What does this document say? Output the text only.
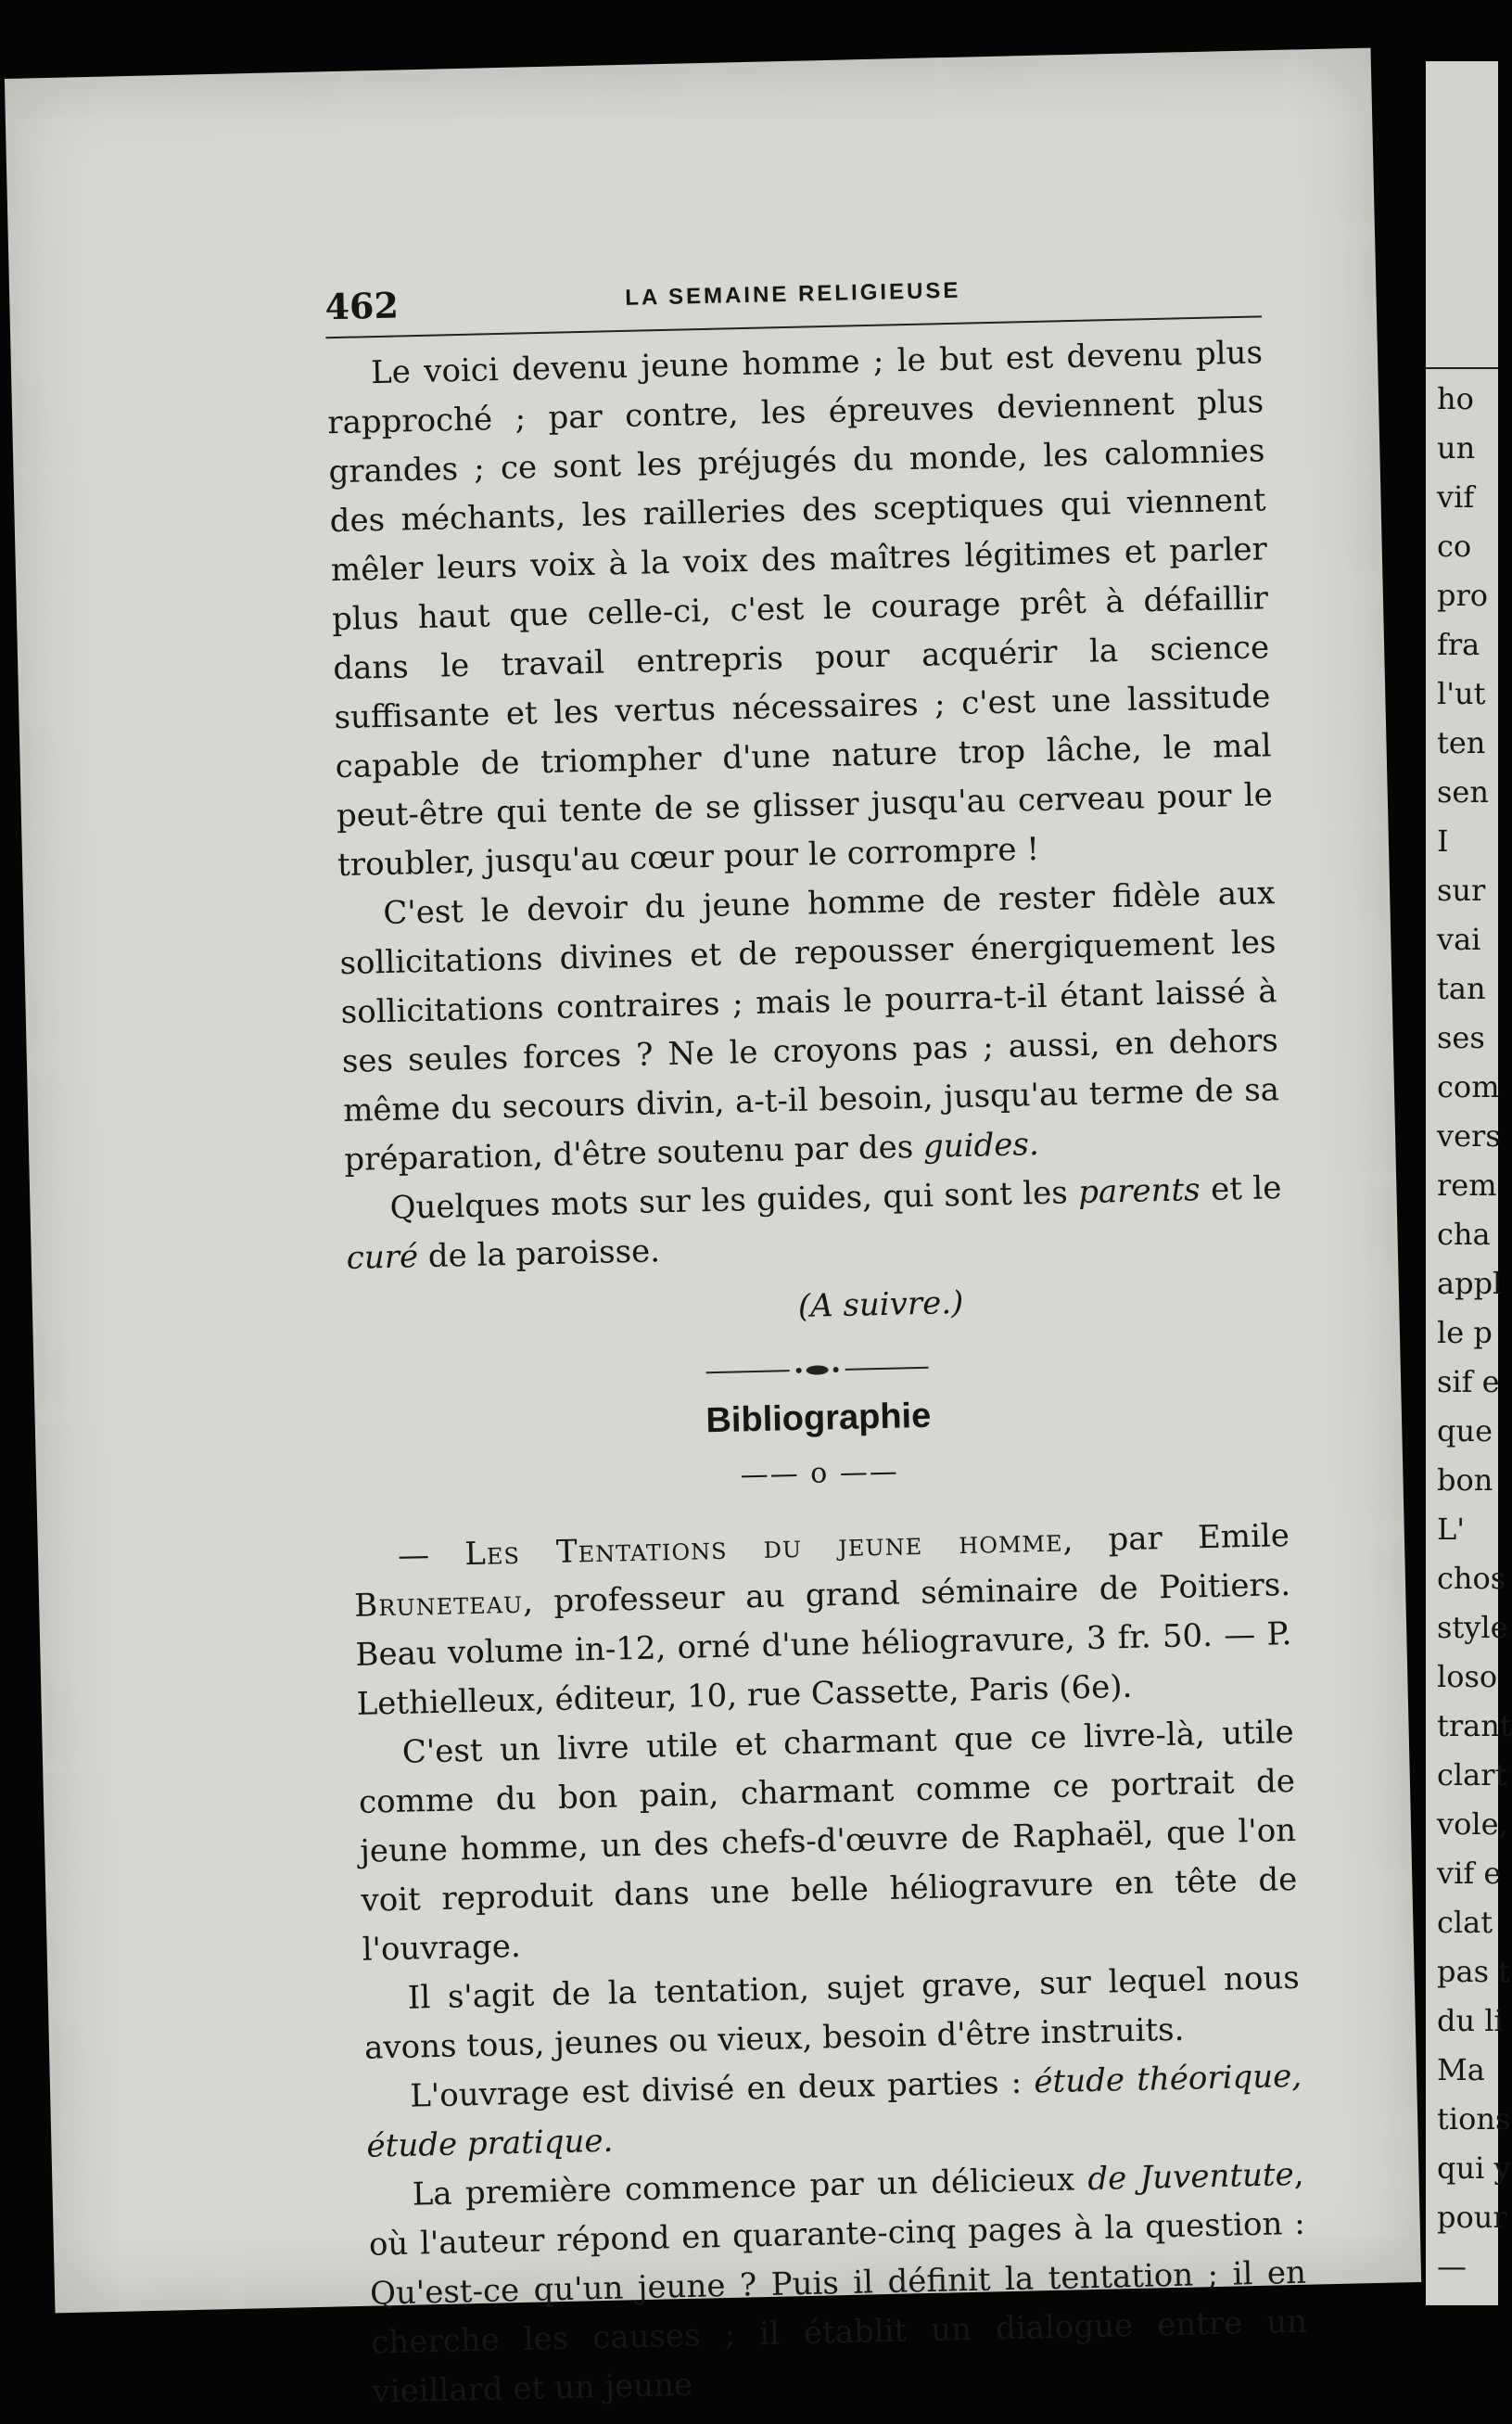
462	LA SEMAINE RELIGIEUSE

Le voici devenu jeune homme ; le but est devenu plus rapproché ; par contre, les épreuves deviennent plus grandes ; ce sont les préjugés du monde, les calomnies des méchants, les railleries des sceptiques qui viennent mêler leurs voix à la voix des maîtres légitimes et parler plus haut que celle-ci, c'est le courage prêt à défaillir dans le travail entrepris pour acquérir la science suffisante et les vertus nécessaires ; c'est une lassitude capable de triompher d'une nature trop lâche, le mal peut-être qui tente de se glisser jusqu'au cerveau pour le troubler, jusqu'au cœur pour le corrompre !

C'est le devoir du jeune homme de rester fidèle aux sollicitations divines et de repousser énergiquement les sollicitations contraires ; mais le pourra-t-il étant laissé à ses seules forces ? Ne le croyons pas ; aussi, en dehors même du secours divin, a-t-il besoin, jusqu'au terme de sa préparation, d'être soutenu par des guides.

Quelques mots sur les guides, qui sont les parents et le curé de la paroisse.

(A suivre.)
Bibliographie
—— o ——

— Les Tentations du jeune homme, par Emile Bruneteau, professeur au grand séminaire de Poitiers. Beau volume in-12, orné d'une héliogravure, 3 fr. 50. — P. Lethielleux, éditeur, 10, rue Cassette, Paris (6e).

C'est un livre utile et charmant que ce livre-là, utile comme du bon pain, charmant comme ce portrait de jeune homme, un des chefs-d'œuvre de Raphaël, que l'on voit reproduit dans une belle héliogravure en tête de l'ouvrage.

Il s'agit de la tentation, sujet grave, sur lequel nous avons tous, jeunes ou vieux, besoin d'être instruits.

L'ouvrage est divisé en deux parties : étude théorique, étude pratique.

La première commence par un délicieux de Juventute, où l'auteur répond en quarante-cinq pages à la question : Qu'est-ce qu'un jeune ? Puis il définit la tentation ; il en cherche les causes ; il établit un dialogue entre un vieillard et un jeune

ho
un
vif
co
pro
fra
l'ut
ten
sen
I
sur
vai
tan
ses
com
vers
rem
cha
appl
le p
sif e
que
bon
L'
chos
style
loso
trant
clart
vole,
vif e
clat
pas t
du li
Ma
tions
qui y
pour
—
